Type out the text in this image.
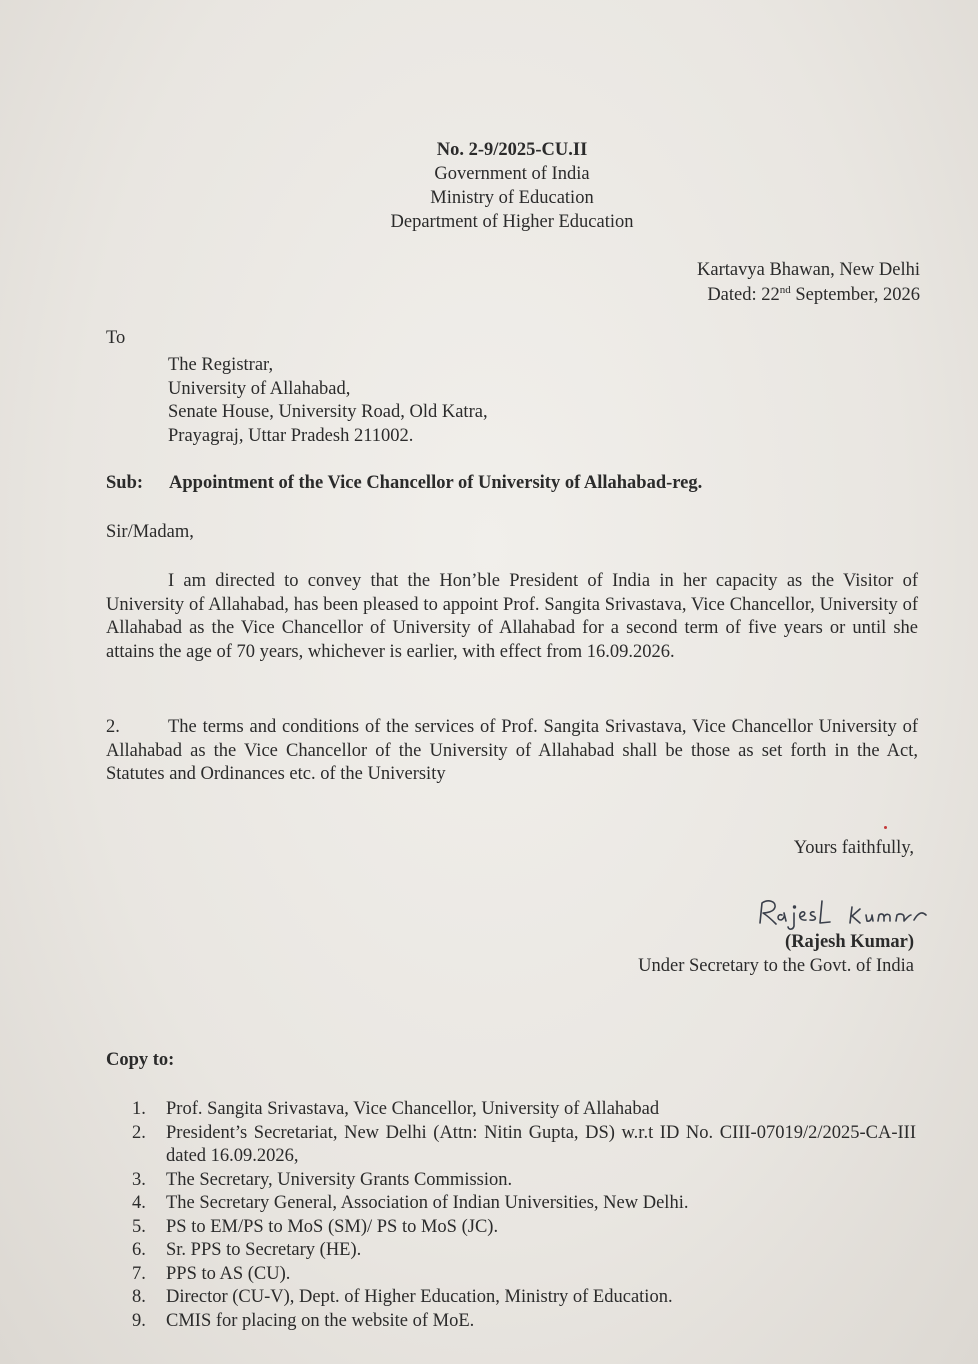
No. 2-9/2025-CU.II
Government of India
Ministry of Education
Department of Higher Education
Kartavya Bhawan, New Delhi
Dated: 22nd September, 2026
To
The Registrar,
University of Allahabad,
Senate House, University Road, Old Katra,
Prayagraj, Uttar Pradesh 211002.
Sub: Appointment of the Vice Chancellor of University of Allahabad-reg.
Sir/Madam,
I am directed to convey that the Hon’ble President of India in her capacity as the Visitor of University of Allahabad, has been pleased to appoint Prof. Sangita Srivastava, Vice Chancellor, University of Allahabad as the Vice Chancellor of University of Allahabad for a second term of five years or until she attains the age of 70 years, whichever is earlier, with effect from 16.09.2026.
2.	The terms and conditions of the services of Prof. Sangita Srivastava, Vice Chancellor University of Allahabad as the Vice Chancellor of the University of Allahabad shall be those as set forth in the Act, Statutes and Ordinances etc. of the University
Yours faithfully,
(Rajesh Kumar)
Under Secretary to the Govt. of India
Copy to:
1.	Prof. Sangita Srivastava, Vice Chancellor, University of Allahabad
2.	President’s Secretariat, New Delhi (Attn: Nitin Gupta, DS) w.r.t ID No. CIII-07019/2/2025-CA-III dated 16.09.2026,
3.	The Secretary, University Grants Commission.
4.	The Secretary General, Association of Indian Universities, New Delhi.
5.	PS to EM/PS to MoS (SM)/ PS to MoS (JC).
6.	Sr. PPS to Secretary (HE).
7.	PPS to AS (CU).
8.	Director (CU-V), Dept. of Higher Education, Ministry of Education.
9.	CMIS for placing on the website of MoE.
